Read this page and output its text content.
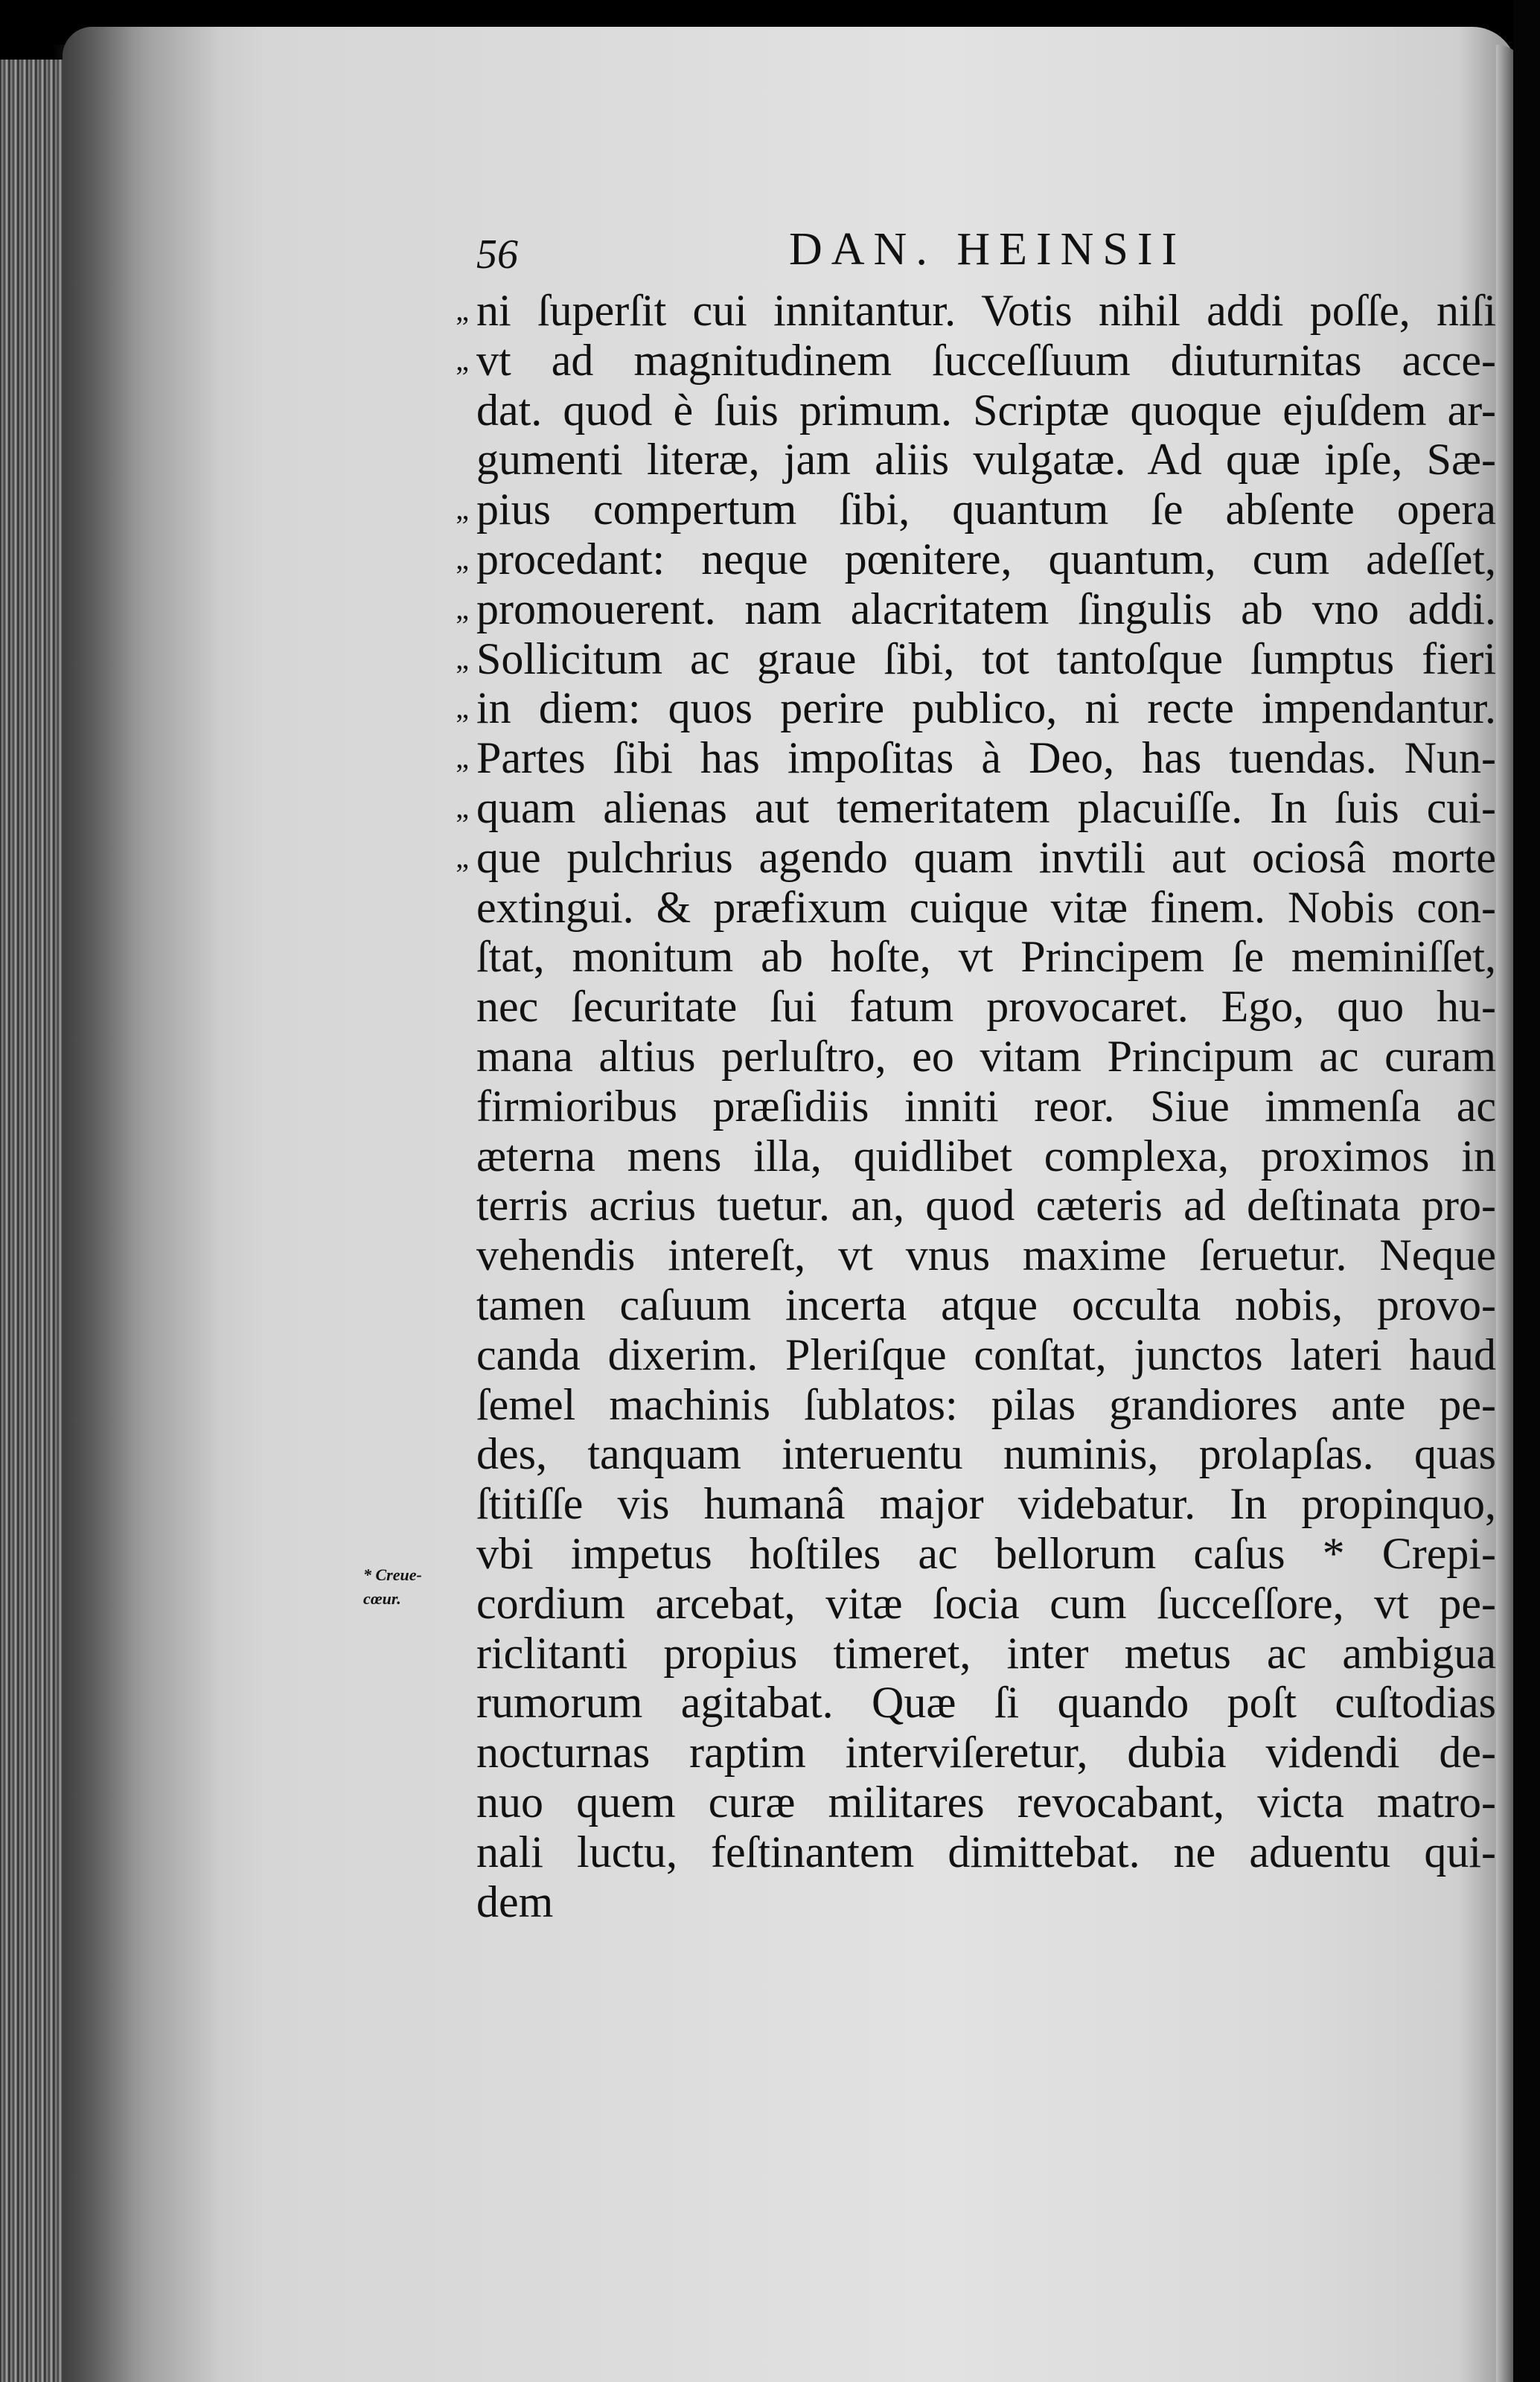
56	DAN. HEINSII
„ ni ſuperſit cui innitantur. Votis nihil addi poſſe, niſi
„ vt ad magnitudinem ſucceſſuum diuturnitas acce-
dat. quod è ſuis primum. Scriptæ quoque ejuſdem ar-
gumenti literæ, jam aliis vulgatæ. Ad quæ ipſe, Sæ-
„ pius compertum ſibi, quantum ſe abſente opera
„ procedant: neque pœnitere, quantum, cum adeſſet,
„ promouerent. nam alacritatem ſingulis ab vno addi.
„ Sollicitum ac graue ſibi, tot tantoſque ſumptus fieri
„ in diem: quos perire publico, ni recte impendantur.
„ Partes ſibi has impoſitas à Deo, has tuendas. Nun-
„ quam alienas aut temeritatem placuiſſe. In ſuis cui-
„ que pulchrius agendo quam invtili aut ociosâ morte
extingui. & præfixum cuique vitæ finem. Nobis con-
ſtat, monitum ab hoſte, vt Principem ſe meminiſſet,
nec ſecuritate ſui fatum provocaret. Ego, quo hu-
mana altius perluſtro, eo vitam Principum ac curam
firmioribus præſidiis inniti reor. Siue immenſa ac
æterna mens illa, quidlibet complexa, proximos in
terris acrius tuetur. an, quod cæteris ad deſtinata pro-
vehendis intereſt, vt vnus maxime ſeruetur. Neque
tamen caſuum incerta atque occulta nobis, provo-
canda dixerim. Pleriſque conſtat, junctos lateri haud
ſemel machinis ſublatos: pilas grandiores ante pe-
des, tanquam interuentu numinis, prolapſas. quas
ſtitiſſe vis humanâ major videbatur. In propinquo,
vbi impetus hoſtiles ac bellorum caſus * Crepi-
cordium arcebat, vitæ ſocia cum ſucceſſore, vt pe-
riclitanti propius timeret, inter metus ac ambigua
rumorum agitabat. Quæ ſi quando poſt cuſtodias
nocturnas raptim interviſeretur, dubia videndi de-
nuo quem curæ militares revocabant, victa matro-
nali luctu, feſtinantem dimittebat. ne aduentu qui-
dem
* Creue-
cœur.
